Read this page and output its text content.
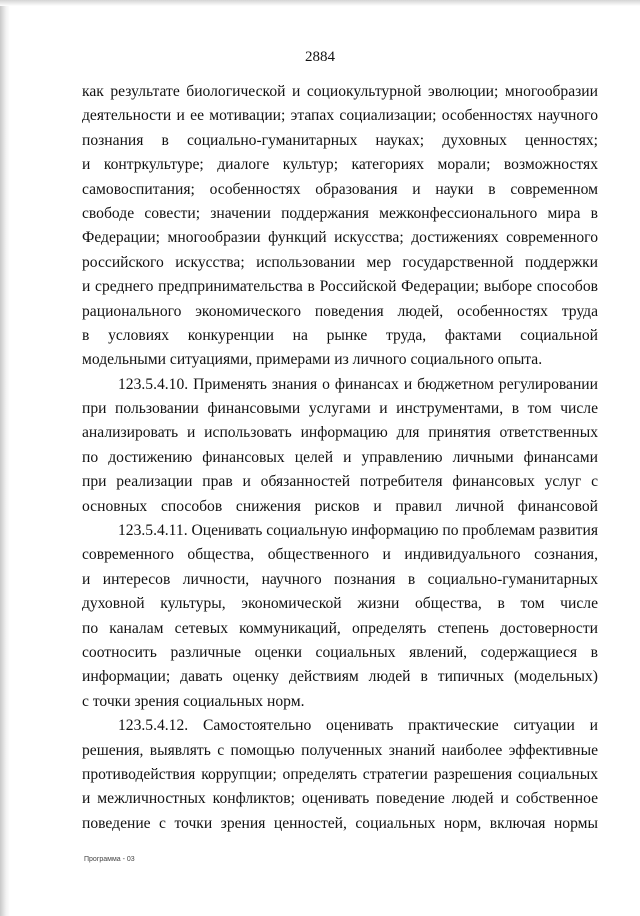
2884
как результате биологической и социокультурной эволюции; многообразии
деятельности и ее мотивации; этапах социализации; особенностях научного
познания в социально-гуманитарных науках; духовных ценностях;
и контркультуре; диалоге культур; категориях морали; возможностях
самовоспитания; особенностях образования и науки в современном
свободе совести; значении поддержания межконфессионального мира в
Федерации; многообразии функций искусства; достижениях современного
российского искусства; использовании мер государственной поддержки
и среднего предпринимательства в Российской Федерации; выборе способов
рационального экономического поведения людей, особенностях труда
в условиях конкуренции на рынке труда, фактами социальной
модельными ситуациями, примерами из личного социального опыта.
123.5.4.10. Применять знания о финансах и бюджетном регулировании
при пользовании финансовыми услугами и инструментами, в том числе
анализировать и использовать информацию для принятия ответственных
по достижению финансовых целей и управлению личными финансами
при реализации прав и обязанностей потребителя финансовых услуг с
основных способов снижения рисков и правил личной финансовой
123.5.4.11. Оценивать социальную информацию по проблемам развития
современного общества, общественного и индивидуального сознания,
и интересов личности, научного познания в социально-гуманитарных
духовной культуры, экономической жизни общества, в том числе
по каналам сетевых коммуникаций, определять степень достоверности
соотносить различные оценки социальных явлений, содержащиеся в
информации; давать оценку действиям людей в типичных (модельных)
с точки зрения социальных норм.
123.5.4.12. Самостоятельно оценивать практические ситуации и
решения, выявлять с помощью полученных знаний наиболее эффективные
противодействия коррупции; определять стратегии разрешения социальных
и межличностных конфликтов; оценивать поведение людей и собственное
поведение с точки зрения ценностей, социальных норм, включая нормы
Программа - 03
